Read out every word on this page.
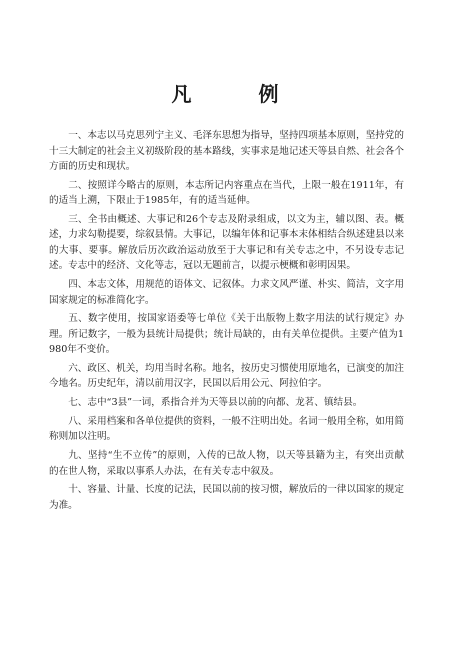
凡 例

一、本志以马克思列宁主义、毛泽东思想为指导，坚持四项基本原则，坚持党的十三大制定的社会主义初级阶段的基本路线，实事求是地记述天等县自然、社会各个方面的历史和现状。

二、按照详今略古的原则，本志所记内容重点在当代，上限一般在1911年，有的适当上溯，下限止于1985年，有的适当延伸。

三、全书由概述、大事记和26个专志及附录组成，以文为主，辅以图、表。概述，力求勾勒提要，综叙县情。大事记，以编年体和记事本末体相结合纵述建县以来的大事、要事。解放后历次政治运动放至于大事记和有关专志之中，不另设专志记述。专志中的经济、文化等志，冠以无题前言，以提示梗概和彰明因果。

四、本志文体，用规范的语体文、记叙体。力求文风严谨、朴实、简洁，文字用国家规定的标准简化字。

五、数字使用，按国家语委等七单位《关于出版物上数字用法的试行规定》办理。所记数字，一般为县统计局提供；统计局缺的，由有关单位提供。主要产值为1980年不变价。

六、政区、机关，均用当时名称。地名，按历史习惯使用原地名，已演变的加注今地名。历史纪年，清以前用汉字，民国以后用公元、阿拉伯字。

七、志中“3县”一词，系指合并为天等县以前的向都、龙茗、镇结县。

八、采用档案和各单位提供的资料，一般不注明出处。名词一般用全称，如用简称则加以注明。

九、坚持“生不立传”的原则，入传的已故人物，以天等县籍为主，有突出贡献的在世人物，采取以事系人办法，在有关专志中叙及。

十、容量、计量、长度的记法，民国以前的按习惯，解放后的一律以国家的规定为准。
